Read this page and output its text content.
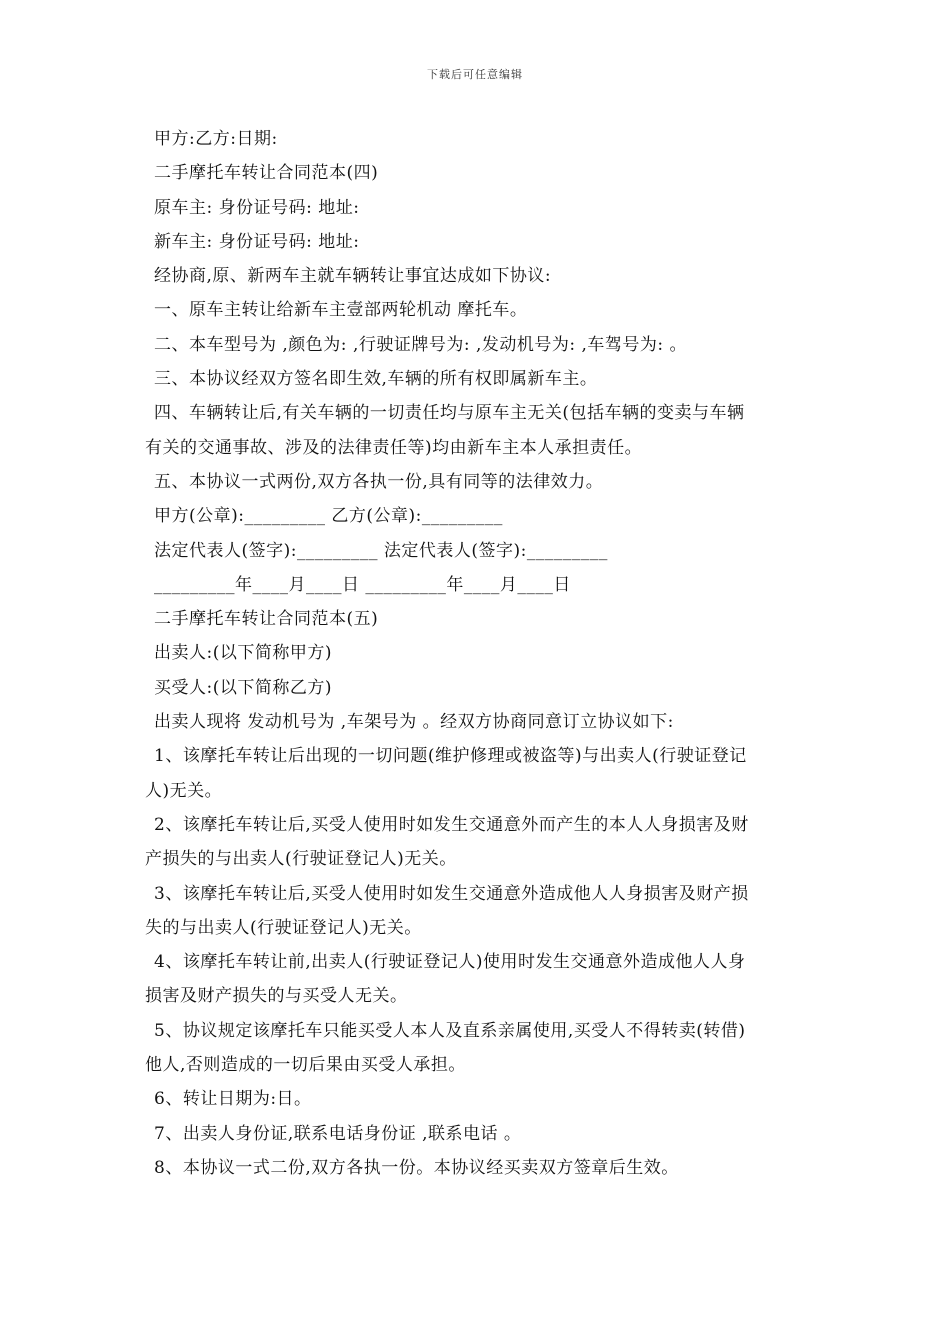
下载后可任意编辑

甲方:乙方:日期:

二手摩托车转让合同范本(四)

原车主: 身份证号码: 地址:

新车主: 身份证号码: 地址:

经协商,原、新两车主就车辆转让事宜达成如下协议:

一、原车主转让给新车主壹部两轮机动 摩托车。

二、本车型号为 ,颜色为: ,行驶证牌号为: ,发动机号为: ,车驾号为: 。

三、本协议经双方签名即生效,车辆的所有权即属新车主。

四、车辆转让后,有关车辆的一切责任均与原车主无关(包括车辆的变卖与车辆

有关的交通事故、涉及的法律责任等)均由新车主本人承担责任。

五、本协议一式两份,双方各执一份,具有同等的法律效力。

甲方(公章):_________ 乙方(公章):_________

法定代表人(签字):_________ 法定代表人(签字):_________

_________年____月____日 _________年____月____日

二手摩托车转让合同范本(五)

出卖人:(以下简称甲方)

买受人:(以下简称乙方)

出卖人现将 发动机号为 ,车架号为 。经双方协商同意订立协议如下:

1、该摩托车转让后出现的一切问题(维护修理或被盗等)与出卖人(行驶证登记

人)无关。

2、该摩托车转让后,买受人使用时如发生交通意外而产生的本人人身损害及财

产损失的与出卖人(行驶证登记人)无关。

3、该摩托车转让后,买受人使用时如发生交通意外造成他人人身损害及财产损

失的与出卖人(行驶证登记人)无关。

4、该摩托车转让前,出卖人(行驶证登记人)使用时发生交通意外造成他人人身

损害及财产损失的与买受人无关。

5、协议规定该摩托车只能买受人本人及直系亲属使用,买受人不得转卖(转借)

他人,否则造成的一切后果由买受人承担。

6、转让日期为:日。

7、出卖人身份证,联系电话身份证 ,联系电话 。

8、本协议一式二份,双方各执一份。本协议经买卖双方签章后生效。
